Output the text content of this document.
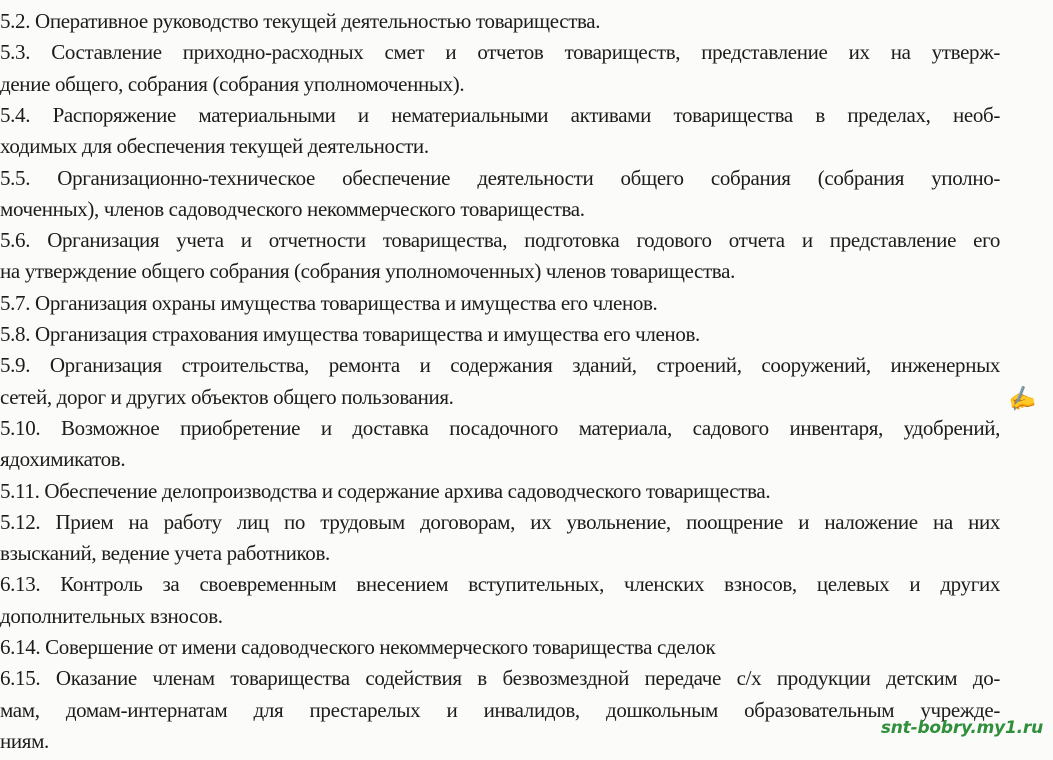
5.2. Оперативное руководство текущей деятельностью товарищества.
5.3. Составление приходно-расходных смет и отчетов товариществ, представление их на утверж-
дение общего, собрания (собрания уполномоченных).
5.4. Распоряжение материальными и нематериальными активами товарищества в пределах, необ-
ходимых для обеспечения текущей деятельности.
5.5. Организационно-техническое обеспечение деятельности общего собрания (собрания уполно-
моченных), членов садоводческого некоммерческого товарищества.
5.6. Организация учета и отчетности товарищества, подготовка годового отчета и представление его
на утверждение общего собрания (собрания уполномоченных) членов товарищества.
5.7. Организация охраны имущества товарищества и имущества его членов.
5.8. Организация страхования имущества товарищества и имущества его членов.
5.9. Организация строительства, ремонта и содержания зданий, строений, сооружений, инженерных
сетей, дорог и других объектов общего пользования.
5.10. Возможное приобретение и доставка посадочного материала, садового инвентаря, удобрений,
ядохимикатов.
5.11. Обеспечение делопроизводства и содержание архива садоводческого товарищества.
5.12. Прием на работу лиц по трудовым договорам, их увольнение, поощрение и наложение на них
взысканий, ведение учета работников.
6.13. Контроль за своевременным внесением вступительных, членских взносов, целевых и других
дополнительных взносов.
6.14. Совершение от имени садоводческого некоммерческого товарищества сделок
6.15. Оказание членам товарищества содействия в безвозмездной передаче с/х продукции детским до-
мам, домам-интернатам для престарелых и инвалидов, дошкольным образовательным учрежде-
ниям.
✍
snt-bobry.my1.ru
